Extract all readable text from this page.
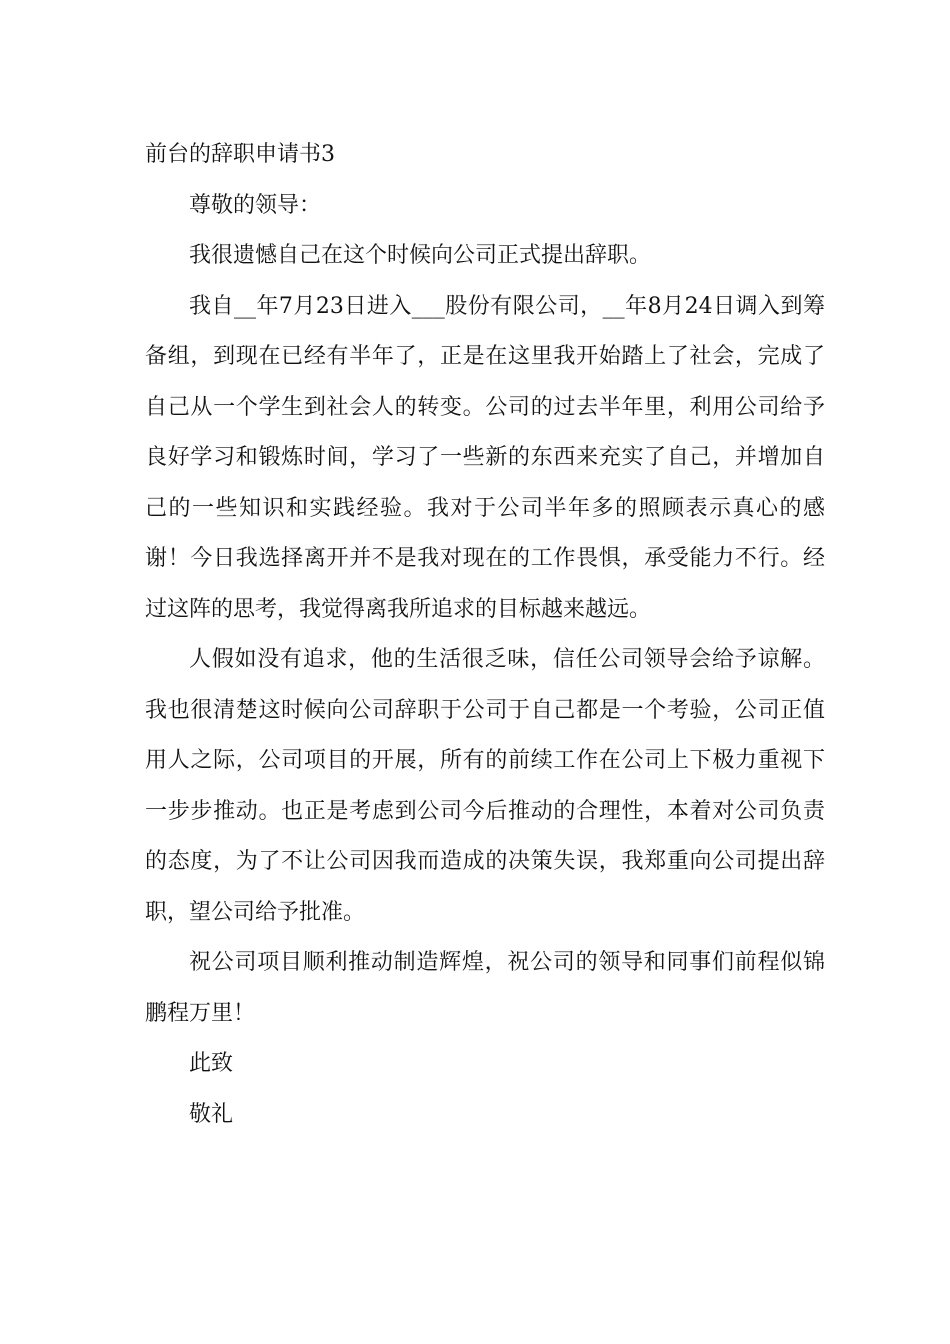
前台的辞职申请书3

尊敬的领导：

我很遗憾自己在这个时候向公司正式提出辞职。

我自__年7月23日进入___股份有限公司，__年8月24日调入到筹备组，到现在已经有半年了，正是在这里我开始踏上了社会，完成了自己从一个学生到社会人的转变。公司的过去半年里，利用公司给予良好学习和锻炼时间，学习了一些新的东西来充实了自己，并增加自己的一些知识和实践经验。我对于公司半年多的照顾表示真心的感谢！今日我选择离开并不是我对现在的工作畏惧，承受能力不行。经过这阵的思考，我觉得离我所追求的目标越来越远。

人假如没有追求，他的生活很乏味，信任公司领导会给予谅解。我也很清楚这时候向公司辞职于公司于自己都是一个考验，公司正值用人之际，公司项目的开展，所有的前续工作在公司上下极力重视下一步步推动。也正是考虑到公司今后推动的合理性，本着对公司负责的态度，为了不让公司因我而造成的决策失误，我郑重向公司提出辞职，望公司给予批准。

祝公司项目顺利推动制造辉煌，祝公司的领导和同事们前程似锦鹏程万里！

此致

敬礼
